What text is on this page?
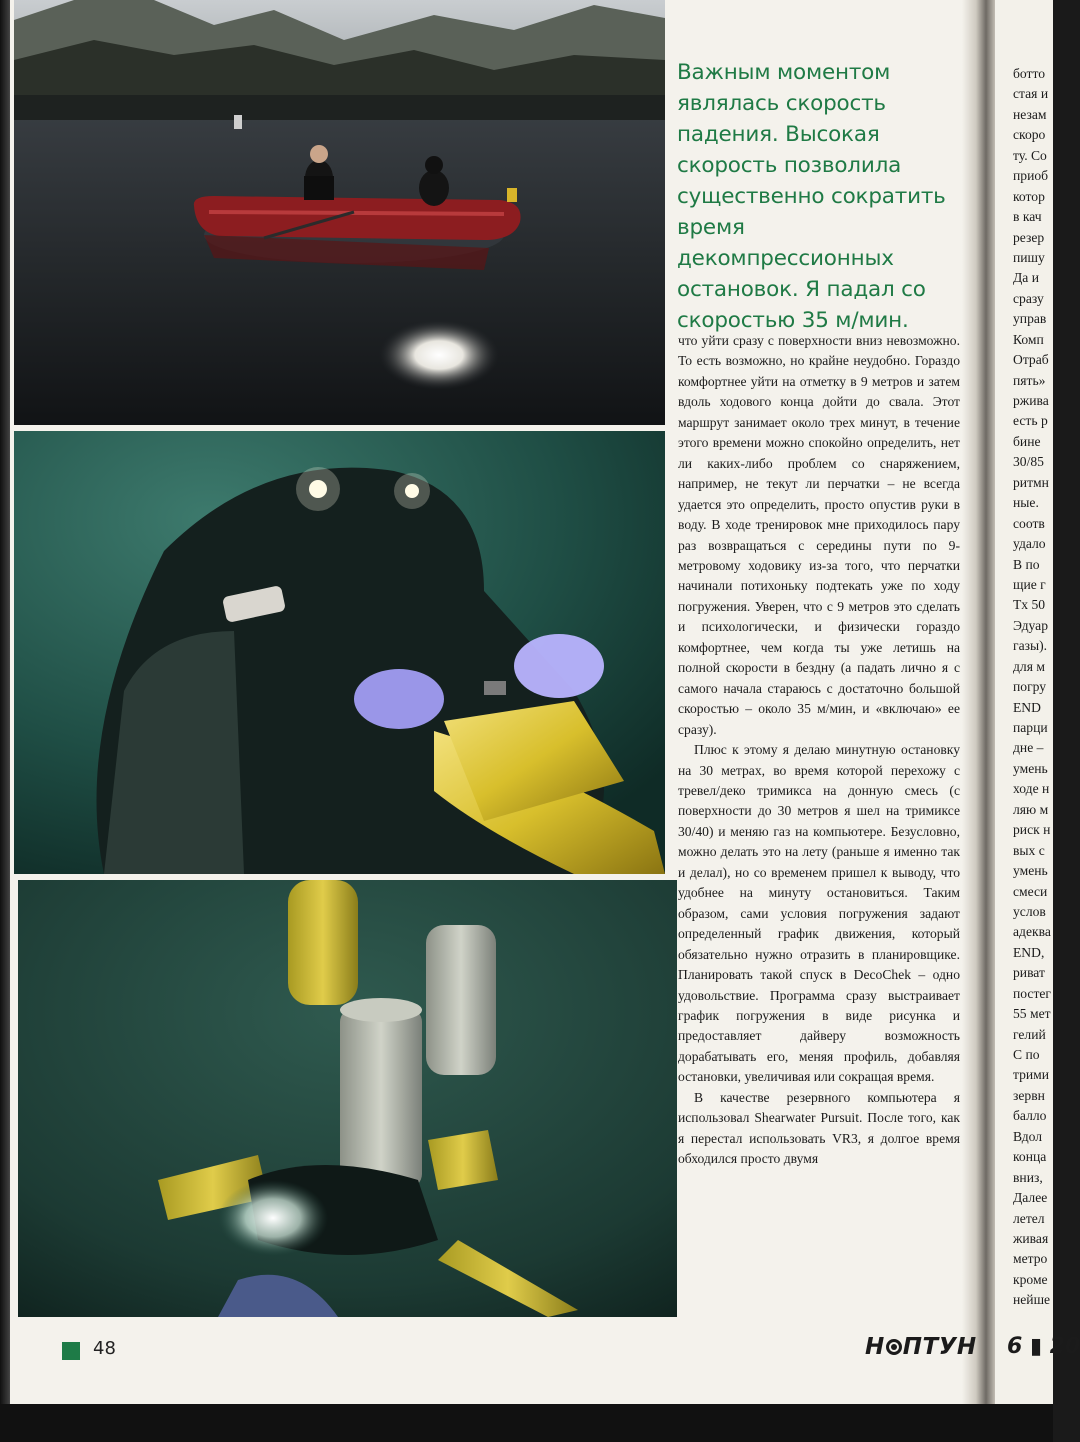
Важным моментом являлась скорость падения. Высокая скорость позволила существенно сократить время декомпрессионных остановок. Я падал со скоростью 35 м/мин.

что уйти сразу с поверхности вниз невозможно. То есть возможно, но крайне неудобно. Гораздо комфортнее уйти на отметку в 9 метров и затем вдоль ходового конца дойти до свала. Этот маршрут занимает около трех минут, в течение этого времени можно спокойно определить, нет ли каких-либо проблем со снаряжением, например, не текут ли перчатки – не всегда удается это определить, просто опустив руки в воду. В ходе тренировок мне приходилось пару раз возвращаться с середины пути по 9-метровому ходовику из-за того, что перчатки начинали потихоньку подтекать уже по ходу погружения. Уверен, что с 9 метров это сделать и психологически, и физически гораздо комфортнее, чем когда ты уже летишь на полной скорости в бездну (а падать лично я с самого начала стараюсь с достаточно большой скоростью – около 35 м/мин, и «включаю» ее сразу).

Плюс к этому я делаю минутную остановку на 30 метрах, во время которой перехожу с тревел/деко тримикса на донную смесь (с поверхности до 30 метров я шел на тримиксе 30/40) и меняю газ на компьютере. Безусловно, можно делать это на лету (раньше я именно так и делал), но со временем пришел к выводу, что удобнее на минуту остановиться. Таким образом, сами условия погружения задают определенный график движения, который обязательно нужно отразить в планировщике. Планировать такой спуск в DecoChek – одно удовольствие. Программа сразу выстраивает график погружения в виде рисунка и предоставляет дайверу возможность дорабатывать его, меняя профиль, добавляя остановки, увеличивая или сокращая время.

В качестве резервного компьютера я использовал Shearwater Pursuit. После того, как я перестал использовать VR3, я долгое время обходился просто двумя

48	Н ПТУН
ботто
стая и
незам
скоро
ту. Со
приоб
котор
в кач
резер
пишу
Да и
сразу
управ
Комп
Отраб
пять»
ржива
есть р
бине
30/85
ритмн
ные.
соотв
удало
В по
щие г
Tx 50
Эдуар
газы).
для м
погру
END
парци
дне –
умень
ходе н
ляю м
риск н
вых с
умень
смеси
услов
адеква
END,
риват
постег
55 мет
гелий
С по
трими
зервн
балло
Вдол
конца
вниз,
Далее
летел
живая
метро
кроме
нейше
6 ▮ 20
